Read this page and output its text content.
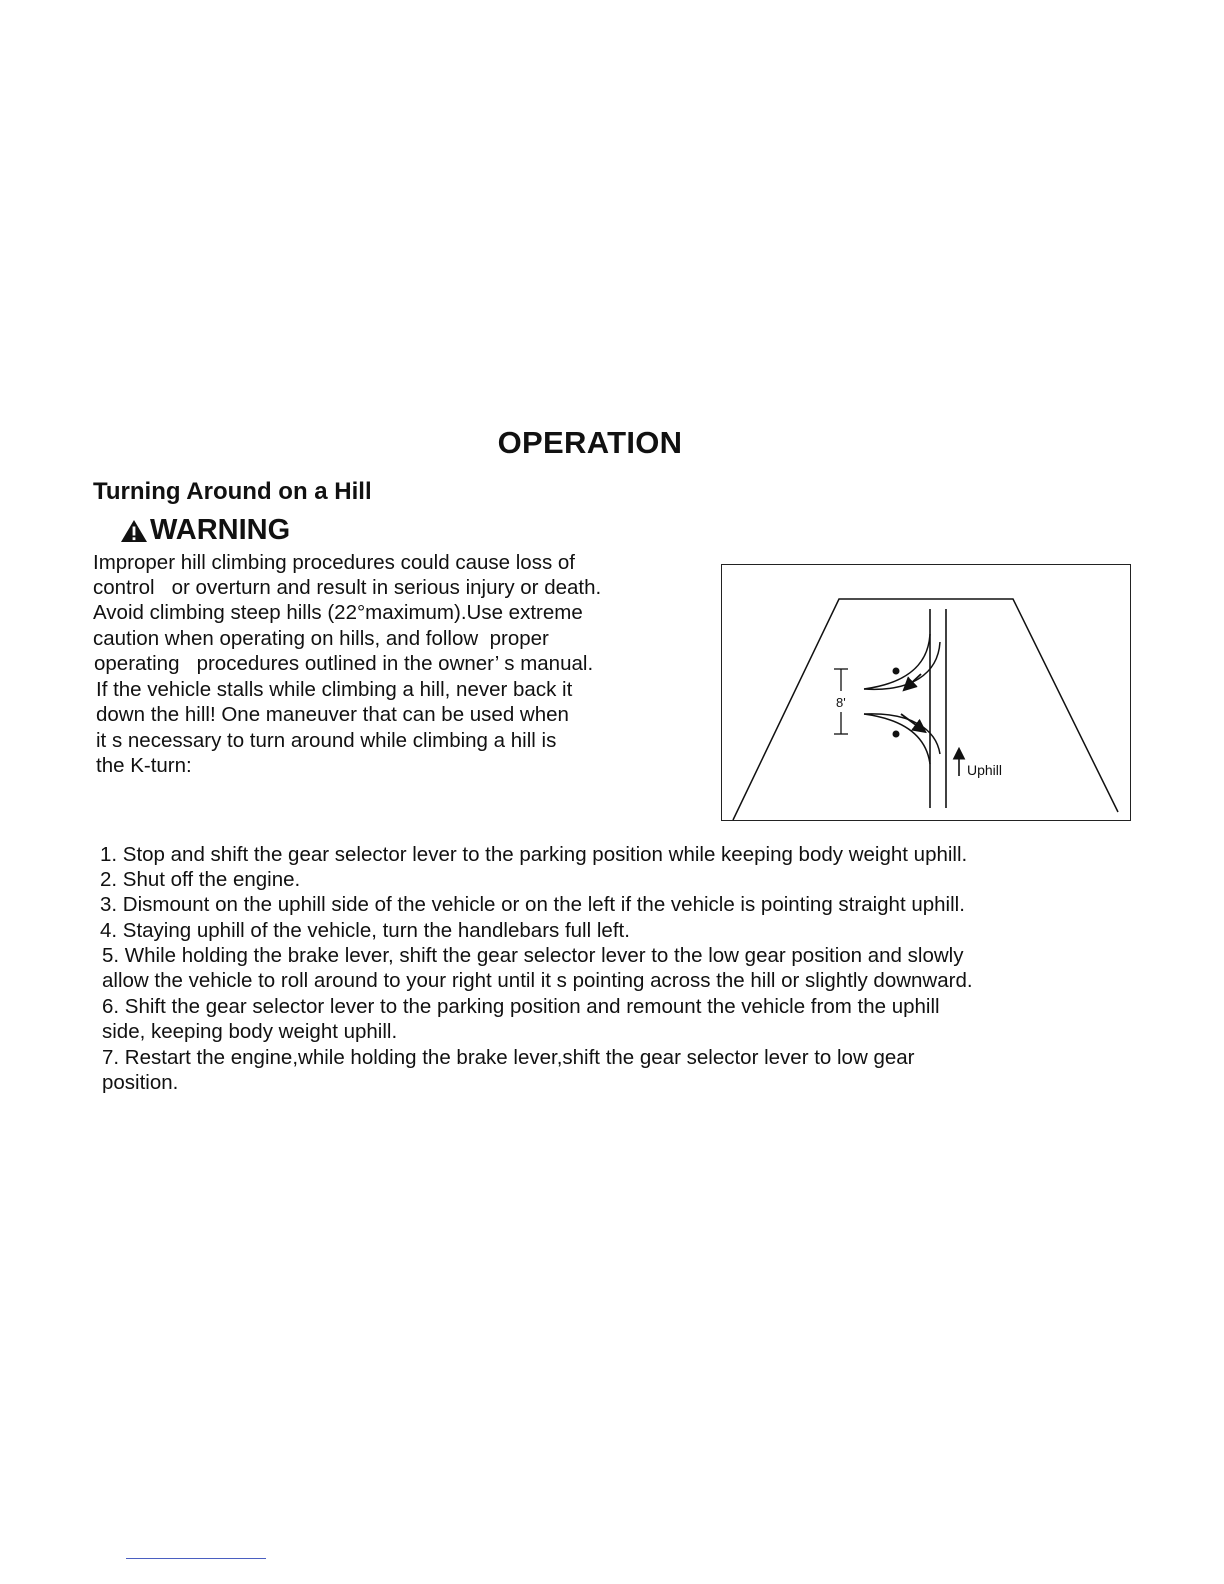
OPERATION
Turning Around on a Hill
WARNING
Improper hill climbing procedures could cause loss of
control   or overturn and result in serious injury or death.
Avoid climbing steep hills (22°maximum).Use extreme
caution when operating on hills, and follow  proper
operating   procedures outlined in the owner’ s manual.
If the vehicle stalls while climbing a hill, never back it
down the hill! One maneuver that can be used when
it s necessary to turn around while climbing a hill is
the K-turn:
8'
Uphill
1. Stop and shift the gear selector lever to the parking position while keeping body weight uphill.
2. Shut off the engine.
3. Dismount on the uphill side of the vehicle or on the left if the vehicle is pointing straight uphill.
4. Staying uphill of the vehicle, turn the handlebars full left.
5. While holding the brake lever, shift the gear selector lever to the low gear position and slowly
allow the vehicle to roll around to your right until it s pointing across the hill or slightly downward.
6. Shift the gear selector lever to the parking position and remount the vehicle from the uphill
side, keeping body weight uphill.
7. Restart the engine,while holding the brake lever,shift the gear selector lever to low gear
position.
